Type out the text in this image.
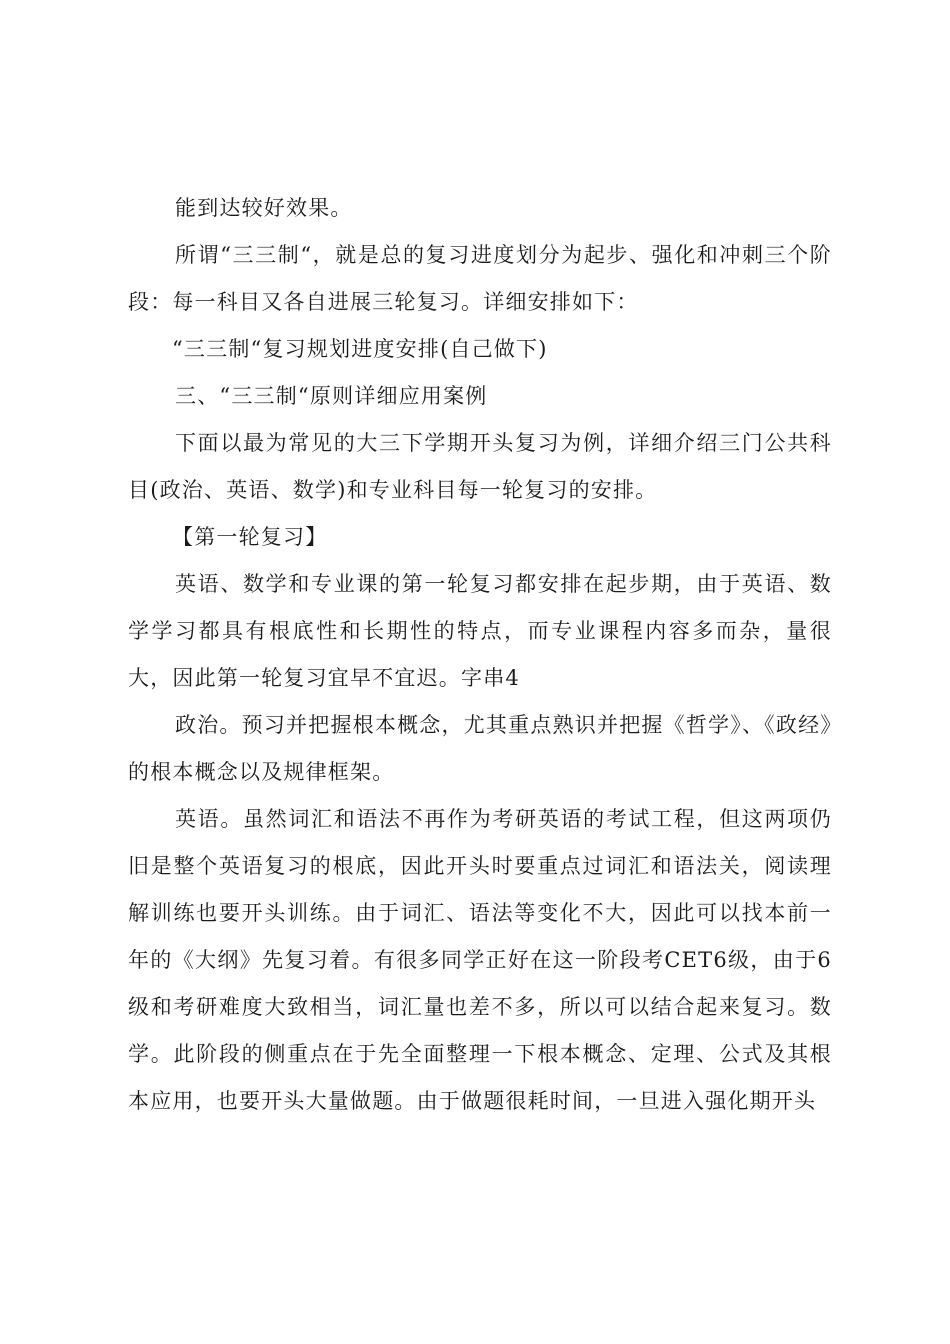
能到达较好效果。

所谓“三三制“，就是总的复习进度划分为起步、强化和冲刺三个阶段：每一科目又各自进展三轮复习。详细安排如下：

“三三制“复习规划进度安排(自己做下)

三、“三三制“原则详细应用案例

下面以最为常见的大三下学期开头复习为例，详细介绍三门公共科目(政治、英语、数学)和专业科目每一轮复习的安排。

【第一轮复习】

英语、数学和专业课的第一轮复习都安排在起步期，由于英语、数学学习都具有根底性和长期性的特点，而专业课程内容多而杂，量很大，因此第一轮复习宜早不宜迟。字串4

政治。预习并把握根本概念，尤其重点熟识并把握《哲学》、《政经》的根本概念以及规律框架。

英语。虽然词汇和语法不再作为考研英语的考试工程，但这两项仍旧是整个英语复习的根底，因此开头时要重点过词汇和语法关，阅读理解训练也要开头训练。由于词汇、语法等变化不大，因此可以找本前一年的《大纲》先复习着。有很多同学正好在这一阶段考CET6级，由于6级和考研难度大致相当，词汇量也差不多，所以可以结合起来复习。数学。此阶段的侧重点在于先全面整理一下根本概念、定理、公式及其根本应用，也要开头大量做题。由于做题很耗时间，一旦进入强化期开头
